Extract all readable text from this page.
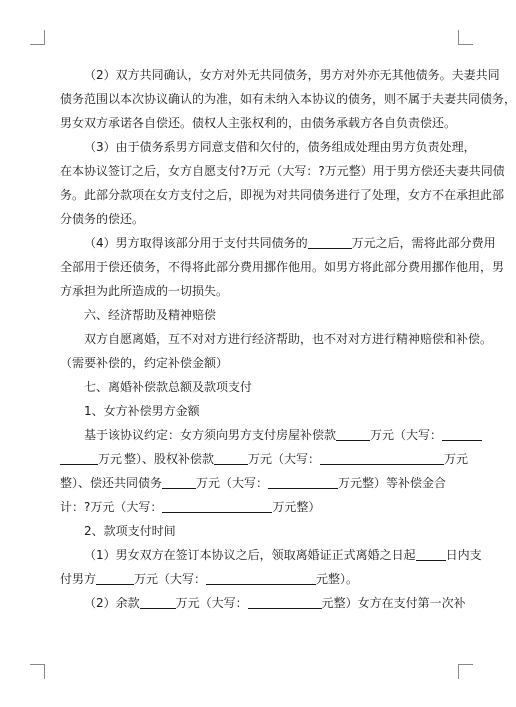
（2）双方共同确认，女方对外无共同债务，男方对外亦无其他债务。夫妻共同
债务范围以本次协议确认的为准，如有未纳入本协议的债务，则不属于夫妻共同债务，
男女双方承诺各自偿还。债权人主张权利的，由债务承载方各自负责偿还。
（3）由于债务系男方同意支借和欠付的，债务组成处理由男方负责处理，
在本协议签订之后，女方自愿支付?万元（大写：?万元整）用于男方偿还夫妻共同债
务。此部分款项在女方支付之后，即视为对共同债务进行了处理，女方不在承担此部
分债务的偿还。
（4）男方取得该部分用于支付共同债务的	万元之后，需将此部分费用
全部用于偿还债务，不得将此部分费用挪作他用。如男方将此部分费用挪作他用，男
方承担为此所造成的一切损失。
六、经济帮助及精神赔偿
双方自愿离婚，互不对对方进行经济帮助，也不对对方进行精神赔偿和补偿。
（需要补偿的，约定补偿金额）
七、离婚补偿款总额及款项支付
1、女方补偿男方金额
基于该协议约定：女方须向男方支付房屋补偿款	万元（大写：
万元 整）、股权补偿款	万元（大写：	万元
整）、偿还共同债务	万元（大写：	万元整）等补偿金合
计：?万元（大写：	万元整）
2、款项支付时间
（1）男女双方在签订本协议之后，领取离婚证正式离婚之日起	日内支
付男方	万元（大写：	元整）。
（2）余款	万元（大写：	元整）女方在支付第一次补
